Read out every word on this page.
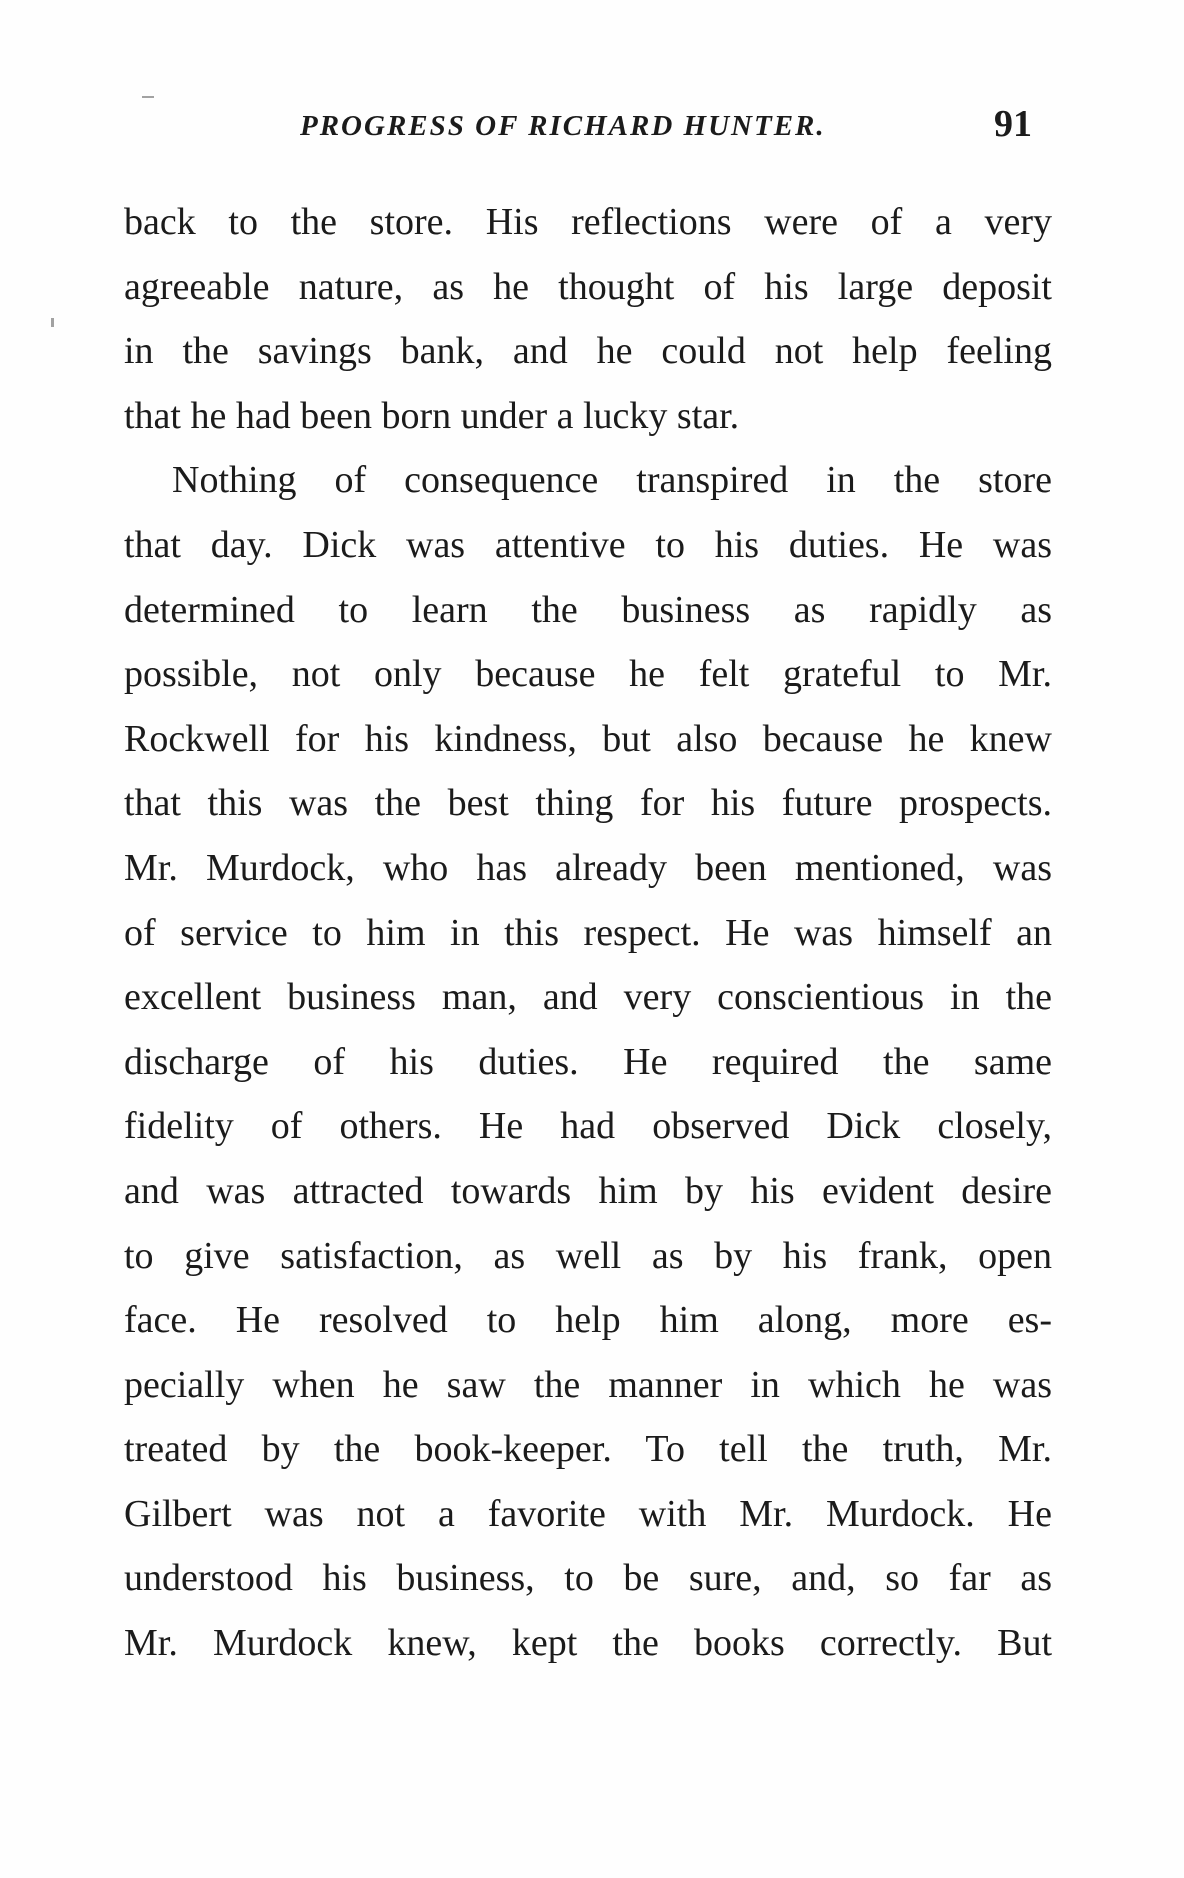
PROGRESS OF RICHARD HUNTER.	91
back to the store. His reflections were of a very
agreeable nature, as he thought of his large deposit
in the savings bank, and he could not help feeling
that he had been born under a lucky star.
Nothing of consequence transpired in the store
that day. Dick was attentive to his duties. He was
determined to learn the business as rapidly as
possible, not only because he felt grateful to Mr.
Rockwell for his kindness, but also because he knew
that this was the best thing for his future prospects.
Mr. Murdock, who has already been mentioned, was
of service to him in this respect. He was himself an
excellent business man, and very conscientious in the
discharge of his duties. He required the same
fidelity of others. He had observed Dick closely,
and was attracted towards him by his evident desire
to give satisfaction, as well as by his frank, open
face. He resolved to help him along, more es-
pecially when he saw the manner in which he was
treated by the book-keeper. To tell the truth, Mr.
Gilbert was not a favorite with Mr. Murdock. He
understood his business, to be sure, and, so far as
Mr. Murdock knew, kept the books correctly. But
